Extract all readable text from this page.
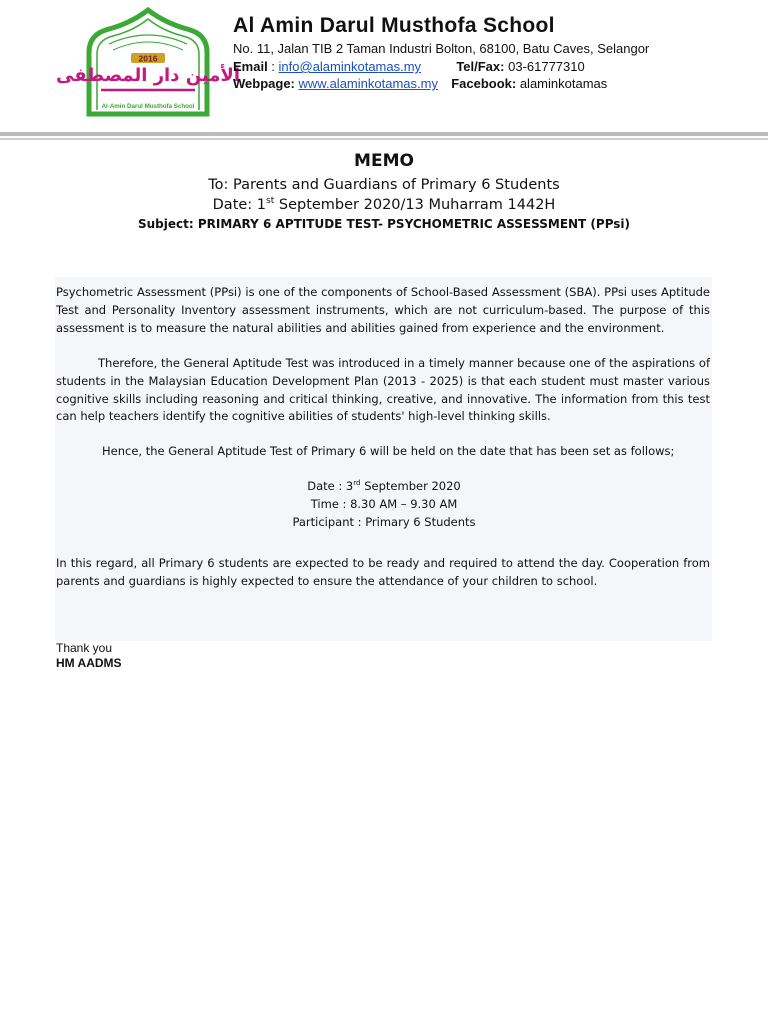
2016
الأمين دار المصطفى
Al-Amin Darul Musthofa School
Al Amin Darul Musthofa School
No. 11, Jalan TIB 2 Taman Industri Bolton, 68100, Batu Caves, Selangor
Email : info@alaminkotamas.my	Tel/Fax: 03-61777310
Webpage: www.alaminkotamas.my Facebook: alaminkotamas
MEMO
To: Parents and Guardians of Primary 6 Students
Date: 1st September 2020/13 Muharram 1442H
Subject: PRIMARY 6 APTITUDE TEST- PSYCHOMETRIC ASSESSMENT (PPsi)
Psychometric Assessment (PPsi) is one of the components of School-Based Assessment (SBA). PPsi uses Aptitude Test and Personality Inventory assessment instruments, which are not curriculum-based. The purpose of this assessment is to measure the natural abilities and abilities gained from experience and the environment.
Therefore, the General Aptitude Test was introduced in a timely manner because one of the aspirations of students in the Malaysian Education Development Plan (2013 - 2025) is that each student must master various cognitive skills including reasoning and critical thinking, creative, and innovative. The information from this test can help teachers identify the cognitive abilities of students' high-level thinking skills.
Hence, the General Aptitude Test of Primary 6 will be held on the date that has been set as follows;
Date : 3rd September 2020
Time : 8.30 AM – 9.30 AM
Participant : Primary 6 Students
In this regard, all Primary 6 students are expected to be ready and required to attend the day. Cooperation from parents and guardians is highly expected to ensure the attendance of your children to school.
Thank you
HM AADMS
